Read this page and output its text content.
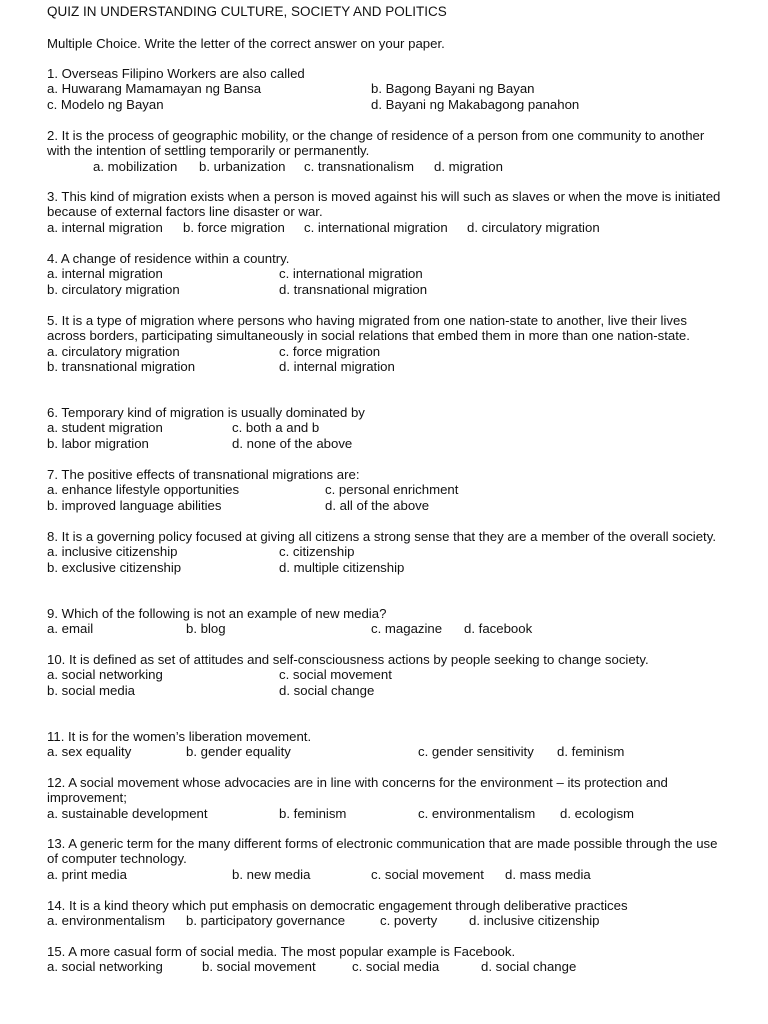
QUIZ IN UNDERSTANDING CULTURE, SOCIETY AND POLITICS
Multiple Choice. Write the letter of the correct answer on your paper.
1. Overseas Filipino Workers are also called
a. Huwarang Mamamayan ng Bansa	b. Bagong Bayani ng Bayan
c. Modelo ng Bayan	d. Bayani ng Makabagong panahon
2. It is the process of geographic mobility, or the change of residence of a person from one community to another with the intention of settling temporarily or permanently.
a. mobilization b. urbanization c. transnationalism d. migration
3. This kind of migration exists when a person is moved against his will such as slaves or when the move is initiated because of external factors line disaster or war.
a. internal migration b. force migration c. international migration d. circulatory migration
4. A change of residence within a country.
a. internal migration	c. international migration
b. circulatory migration	d. transnational migration
5. It is a type of migration where persons who having migrated from one nation-state to another, live their lives across borders, participating simultaneously in social relations that embed them in more than one nation-state.
a. circulatory migration	c. force migration
b. transnational migration	d. internal migration
6. Temporary kind of migration is usually dominated by
a. student migration	c. both a and b
b. labor migration	d. none of the above
7. The positive effects of transnational migrations are:
a. enhance lifestyle opportunities	c. personal enrichment
b. improved language abilities	d. all of the above
8. It is a governing policy focused at giving all citizens a strong sense that they are a member of the overall society.
a. inclusive citizenship	c. citizenship
b. exclusive citizenship	d. multiple citizenship
9. Which of the following is not an example of new media?
a. email	b. blog	c. magazine d. facebook
10. It is defined as set of attitudes and self-consciousness actions by people seeking to change society.
a. social networking	c. social movement
b. social media	d. social change
11. It is for the women’s liberation movement.
a. sex equality	b. gender equality	c. gender sensitivity d. feminism
12. A social movement whose advocacies are in line with concerns for the environment – its protection and improvement;
a. sustainable development	b. feminism	c. environmentalism d. ecologism
13. A generic term for the many different forms of electronic communication that are made possible through the use of computer technology.
a. print media	b. new media	c. social movement d. mass media
14. It is a kind theory which put emphasis on democratic engagement through deliberative practices
a. environmentalism b. participatory governance	c. poverty d. inclusive citizenship
15. A more casual form of social media. The most popular example is Facebook.
a. social networking	b. social movement	c. social media	d. social change
